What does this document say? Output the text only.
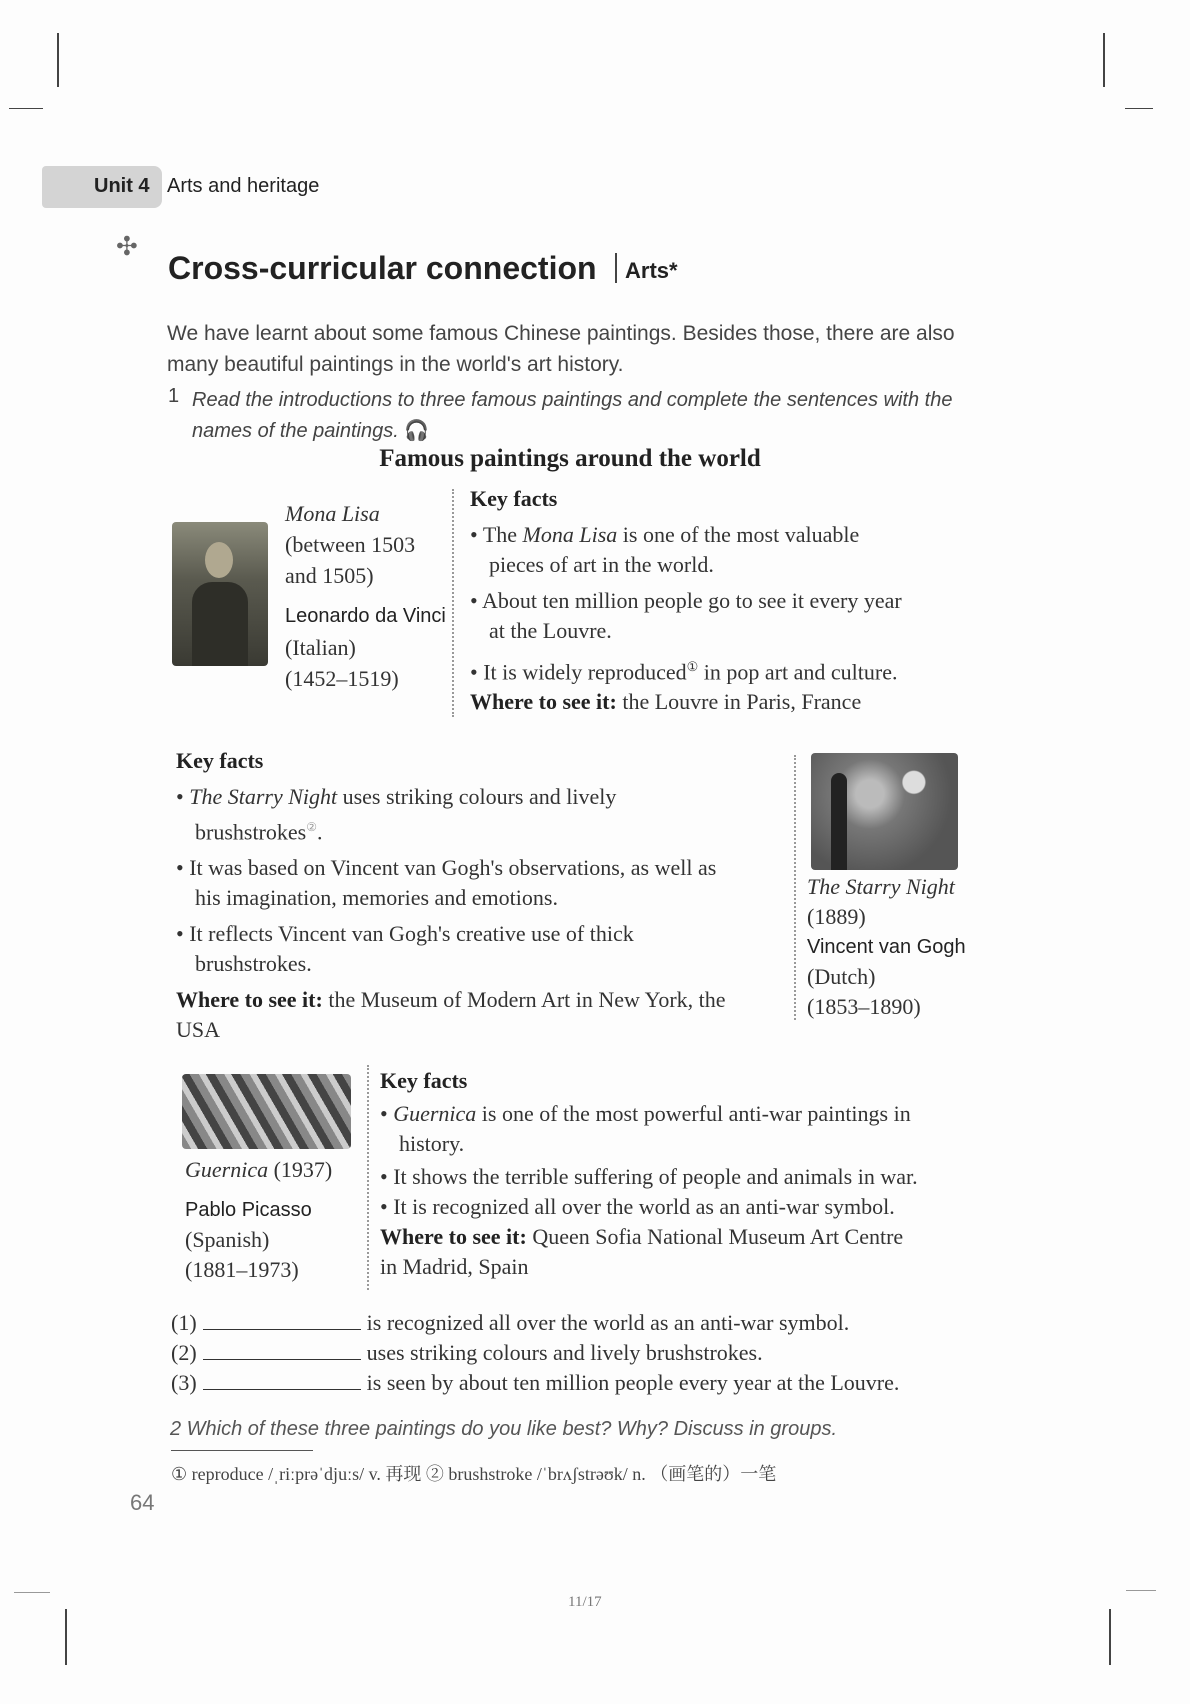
Unit 4 Arts and heritage
✣
Cross-curricular connection Arts*
We have learnt about some famous Chinese paintings. Besides those, there are also
many beautiful paintings in the world's art history.
1 Read the introductions to three famous paintings and complete the sentences with the
names of the paintings. 🎧
Famous paintings around the world
Mona Lisa
(between 1503
and 1505)
Leonardo da Vinci
(Italian)
(1452–1519)
Key facts
• The Mona Lisa is one of the most valuable
pieces of art in the world.
• About ten million people go to see it every year
at the Louvre.
• It is widely reproduced① in pop art and culture.
Where to see it: the Louvre in Paris, France
Key facts
• The Starry Night uses striking colours and lively
brushstrokes②.
• It was based on Vincent van Gogh's observations, as well as
his imagination, memories and emotions.
• It reflects Vincent van Gogh's creative use of thick
brushstrokes.
Where to see it: the Museum of Modern Art in New York, the
USA
The Starry Night
(1889)
Vincent van Gogh
(Dutch)
(1853–1890)
Guernica (1937)
Pablo Picasso
(Spanish)
(1881–1973)
Key facts
• Guernica is one of the most powerful anti-war paintings in
history.
• It shows the terrible suffering of people and animals in war.
• It is recognized all over the world as an anti-war symbol.
Where to see it: Queen Sofia National Museum Art Centre
in Madrid, Spain
(1)	is recognized all over the world as an anti-war symbol.
(2)	uses striking colours and lively brushstrokes.
(3)	is seen by about ten million people every year at the Louvre.
2 Which of these three paintings do you like best? Why? Discuss in groups.
① reproduce /ˌriːprəˈdjuːs/ v. 再现 ② brushstroke /ˈbrʌʃstrəʊk/ n. （画笔的）一笔
64
11/17
